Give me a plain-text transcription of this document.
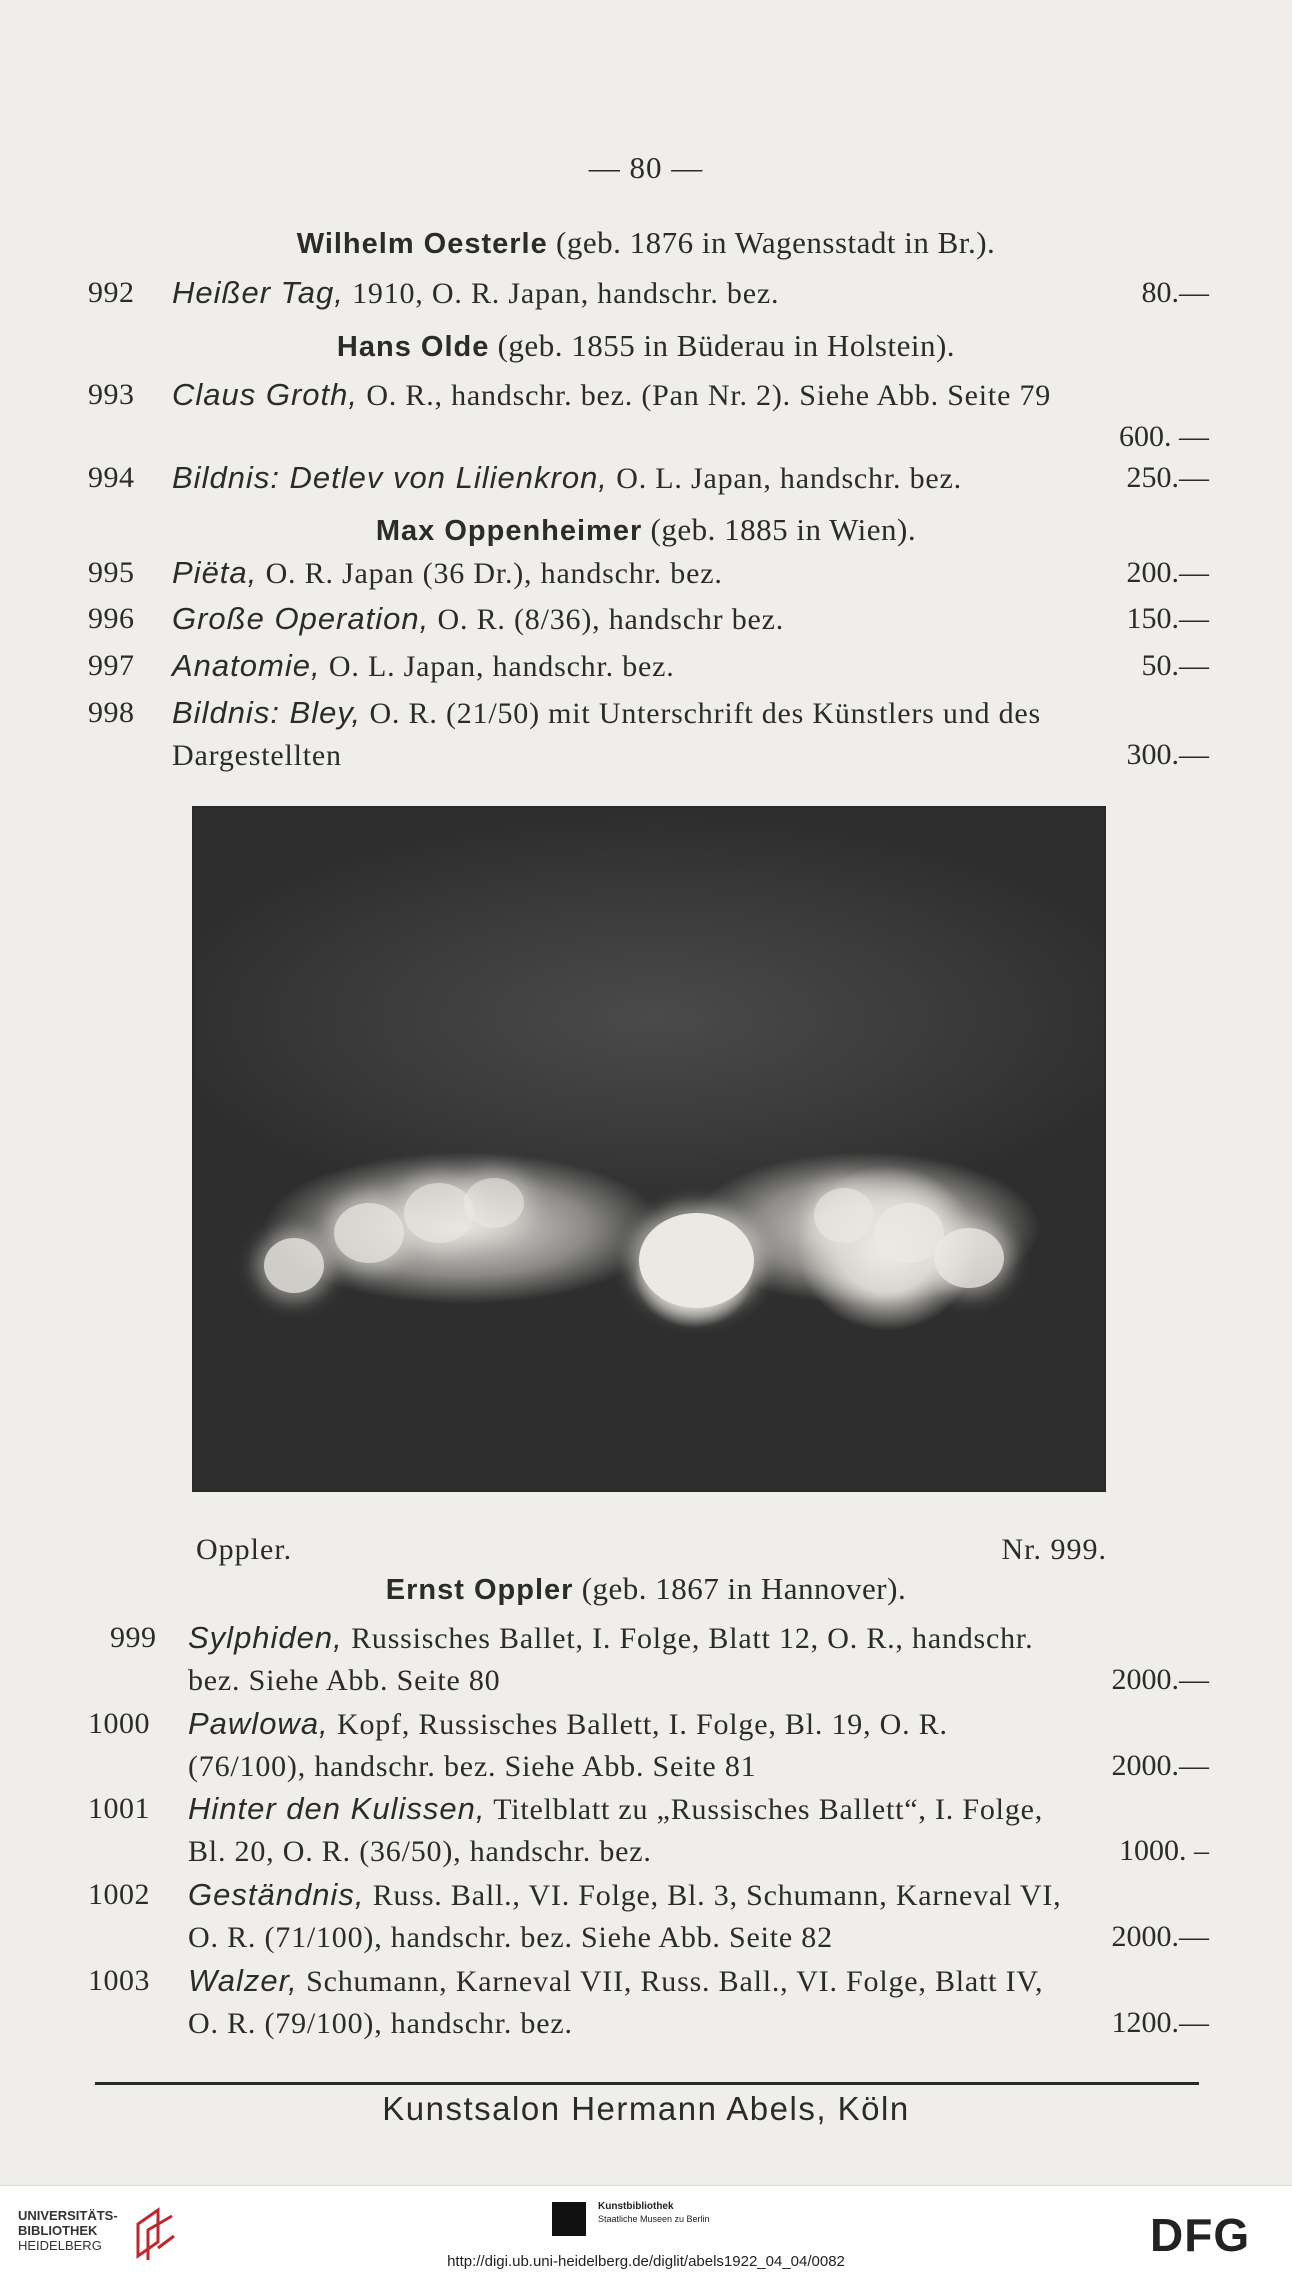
— 80 —
Wilhelm Oesterle (geb. 1876 in Wagensstadt in Br.).
992	Heißer Tag, 1910, O. R. Japan, handschr. bez.	80.—
Hans Olde (geb. 1855 in Büderau in Holstein).
993	Claus Groth, O. R., handschr. bez. (Pan Nr. 2). Siehe Abb. Seite 79
600. —
994	Bildnis: Detlev von Lilienkron, O. L. Japan, handschr. bez.	250.—
Max Oppenheimer (geb. 1885 in Wien).
995	Piëta, O. R. Japan (36 Dr.), handschr. bez.	200.—
996	Große Operation, O. R. (8/36), handschr bez.	150.—
997	Anatomie, O. L. Japan, handschr. bez.	50.—
998	Bildnis: Bley, O. R. (21/50) mit Unterschrift des Künstlers und des Dargestellten	300.—
Oppler.	Nr. 999.
Ernst Oppler (geb. 1867 in Hannover).
999	Sylphiden, Russisches Ballet, I. Folge, Blatt 12, O. R., handschr. bez. Siehe Abb. Seite 80	2000.—
1000 Pawlowa, Kopf, Russisches Ballett, I. Folge, Bl. 19, O. R. (76/100), handschr. bez. Siehe Abb. Seite 81	2000.—
1001 Hinter den Kulissen, Titelblatt zu „Russisches Ballett“, I. Folge, Bl. 20, O. R. (36/50), handschr. bez.	1000. –
1002 Geständnis, Russ. Ball., VI. Folge, Bl. 3, Schumann, Karneval VI, O. R. (71/100), handschr. bez. Siehe Abb. Seite 82	2000.—
1003 Walzer, Schumann, Karneval VII, Russ. Ball., VI. Folge, Blatt IV, O. R. (79/100), handschr. bez.	1200.—
Kunstsalon Hermann Abels, Köln
UNIVERSITÄTS-
BIBLIOTHEK
HEIDELBERG
Kunstbibliothek
Staatliche Museen zu Berlin	DFG
http://digi.ub.uni-heidelberg.de/diglit/abels1922_04_04/0082
